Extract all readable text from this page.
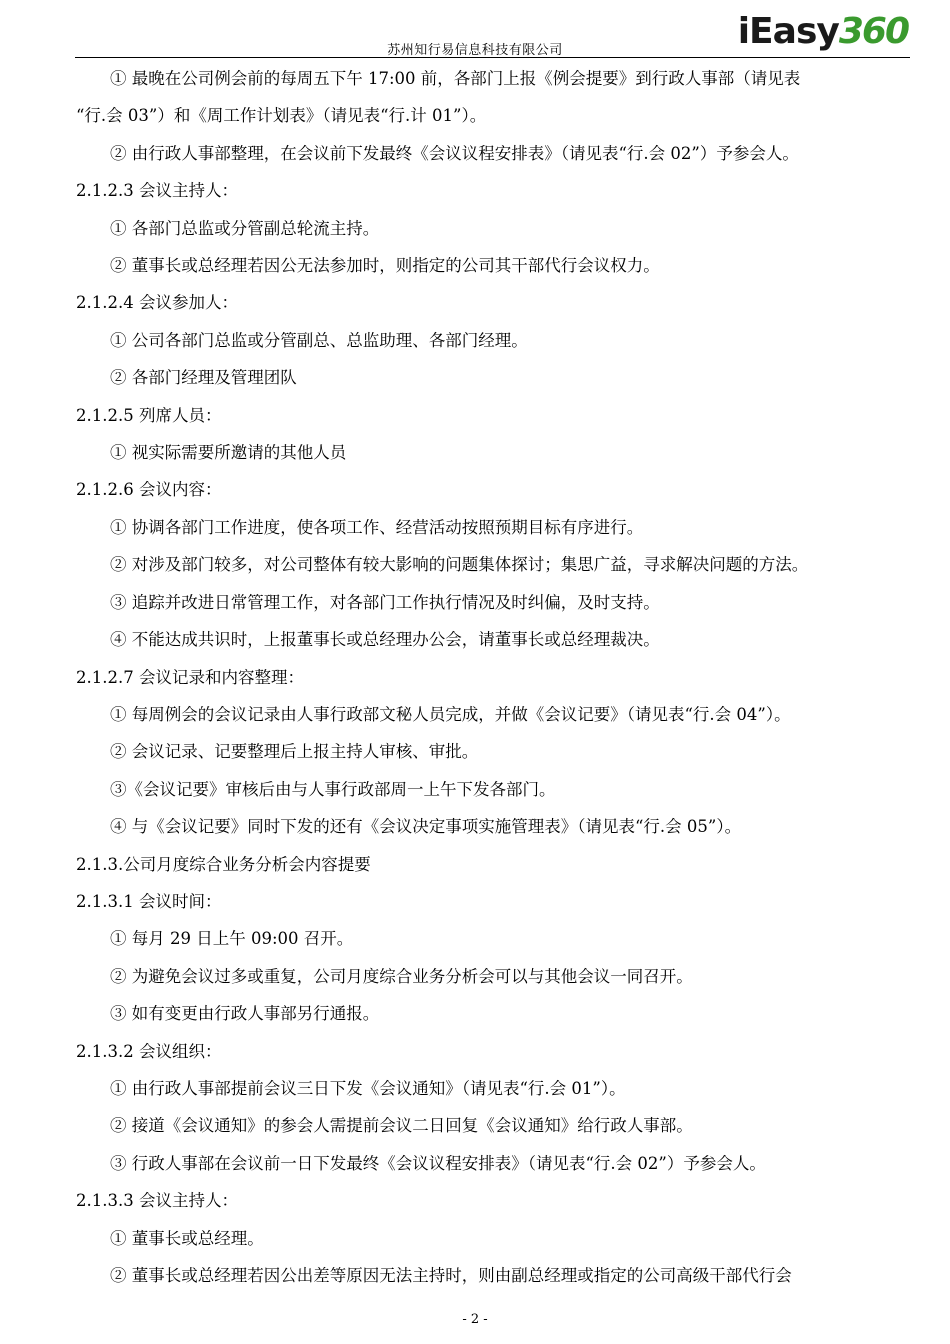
iEasy 360
苏州知行易信息科技有限公司
① 最晚在公司例会前的每周五下午 17:00 前，各部门上报《例会提要》到行政人事部（请见表
“行.会 03”）和《周工作计划表》（请见表“行.计 01”）。
② 由行政人事部整理，在会议前下发最终《会议议程安排表》（请见表“行.会 02”）予参会人。
2.1.2.3 会议主持人：
① 各部门总监或分管副总轮流主持。
② 董事长或总经理若因公无法参加时，则指定的公司其干部代行会议权力。
2.1.2.4 会议参加人：
① 公司各部门总监或分管副总、总监助理、各部门经理。
② 各部门经理及管理团队
2.1.2.5 列席人员：
① 视实际需要所邀请的其他人员
2.1.2.6 会议内容：
① 协调各部门工作进度，使各项工作、经营活动按照预期目标有序进行。
② 对涉及部门较多，对公司整体有较大影响的问题集体探讨；集思广益，寻求解决问题的方法。
③ 追踪并改进日常管理工作，对各部门工作执行情况及时纠偏，及时支持。
④ 不能达成共识时，上报董事长或总经理办公会，请董事长或总经理裁决。
2.1.2.7 会议记录和内容整理：
① 每周例会的会议记录由人事行政部文秘人员完成，并做《会议记要》（请见表“行.会 04”）。
② 会议记录、记要整理后上报主持人审核、审批。
③《会议记要》审核后由与人事行政部周一上午下发各部门。
④ 与《会议记要》同时下发的还有《会议决定事项实施管理表》（请见表“行.会 05”）。
2.1.3.公司月度综合业务分析会内容提要
2.1.3.1 会议时间：
① 每月 29 日上午 09:00 召开。
② 为避免会议过多或重复，公司月度综合业务分析会可以与其他会议一同召开。
③ 如有变更由行政人事部另行通报。
2.1.3.2 会议组织：
① 由行政人事部提前会议三日下发《会议通知》（请见表“行.会 01”）。
② 接道《会议通知》的参会人需提前会议二日回复《会议通知》给行政人事部。
③ 行政人事部在会议前一日下发最终《会议议程安排表》（请见表“行.会 02”）予参会人。
2.1.3.3 会议主持人：
① 董事长或总经理。
② 董事长或总经理若因公出差等原因无法主持时，则由副总经理或指定的公司高级干部代行会
- 2 -
